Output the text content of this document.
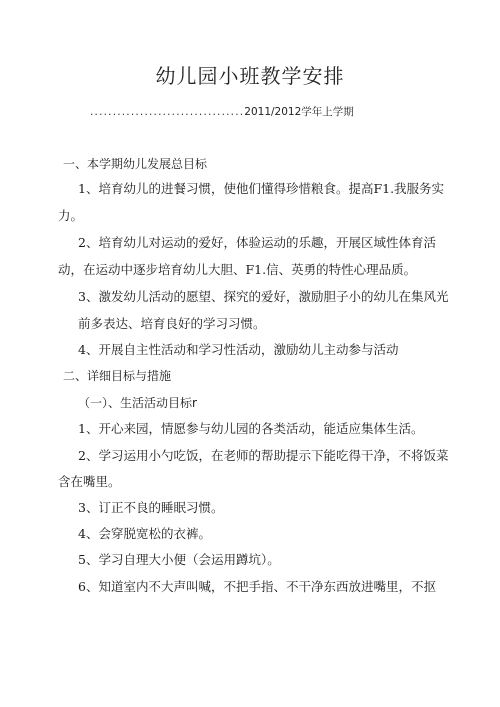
幼儿园小班教学安排
..................................2011/2012学年上学期
一、本学期幼儿发展总目标
1、培育幼儿的进餐习惯，使他们懂得珍惜粮食。提高F1.我服务实
力。
2、培育幼儿对运动的爱好，体验运动的乐趣，开展区域性体育活
动，在运动中逐步培育幼儿大胆、F1.信、英勇的特性心理品质。
3、激发幼儿活动的愿望、探究的爱好，激励胆子小的幼儿在集风光
前多表达、培育良好的学习习惯。
4、开展自主性活动和学习性活动，激励幼儿主动参与活动
二、详细目标与措施
（一）、生活活动目标r
1、开心来园，情愿参与幼儿园的各类活动，能适应集体生活。
2、学习运用小勺吃饭，在老师的帮助提示下能吃得干净，不将饭菜
含在嘴里。
3、订正不良的睡眠习惯。
4、会穿脱宽松的衣裤。
5、学习自理大小便（会运用蹲坑）。
6、知道室内不大声叫喊，不把手指、不干净东西放进嘴里，不抠
